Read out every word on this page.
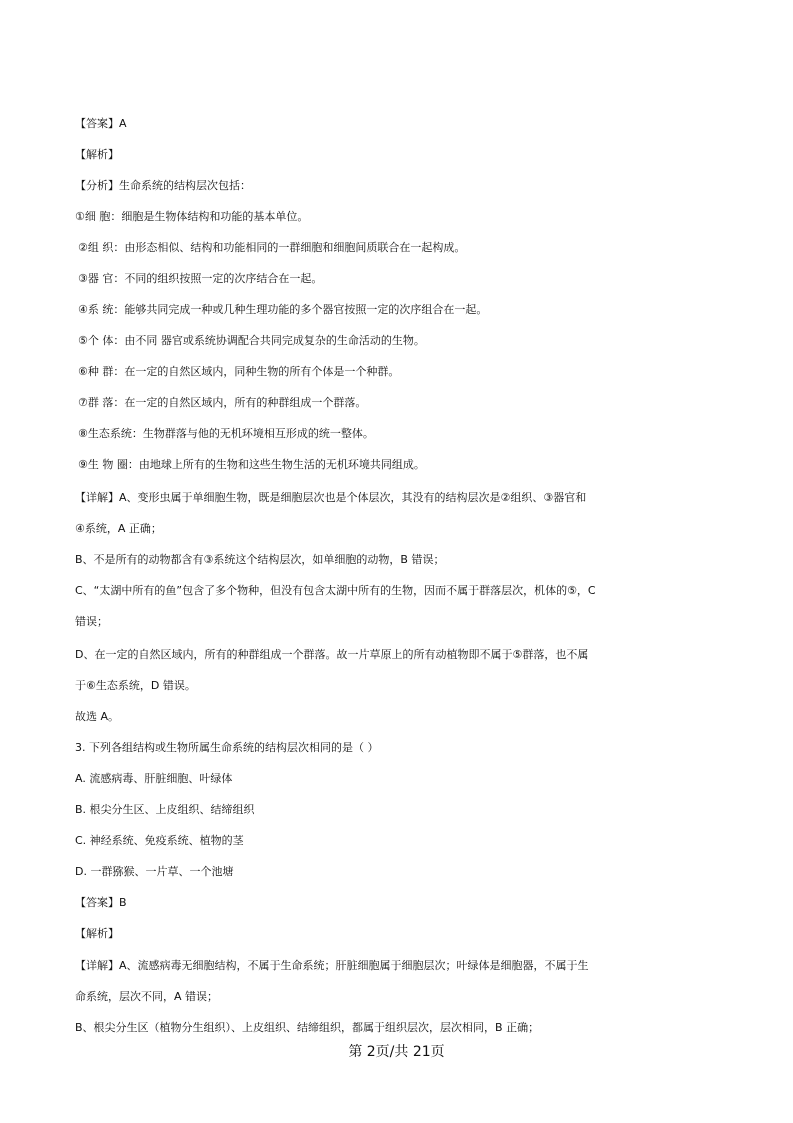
【答案】A
【解析】
【分析】生命系统的结构层次包括：
①细 胞：细胞是生物体结构和功能的基本单位。
②组 织：由形态相似、结构和功能相同的一群细胞和细胞间质联合在一起构成。
③器 官：不同的组织按照一定的次序结合在一起。
④系 统：能够共同完成一种或几种生理功能的多个器官按照一定的次序组合在一起。
⑤个 体：由不同 器官或系统协调配合共同完成复杂的生命活动的生物。
⑥种 群：在一定的自然区域内，同种生物的所有个体是一个种群。
⑦群 落：在一定的自然区域内，所有的种群组成一个群落。
⑧生态系统：生物群落与他的无机环境相互形成的统一整体。
⑨生 物 圈：由地球上所有的生物和这些生物生活的无机环境共同组成。
【详解】A、变形虫属于单细胞生物，既是细胞层次也是个体层次，其没有的结构层次是②组织、③器官和
④系统，A 正确；
B、不是所有的动物都含有③系统这个结构层次，如单细胞的动物，B 错误；
C、“太湖中所有的鱼”包含了多个物种，但没有包含太湖中所有的生物，因而不属于群落层次，机体的⑤，C
错误；
D、在一定的自然区域内，所有的种群组成一个群落。故一片草原上的所有动植物即不属于⑤群落，也不属
于⑥生态系统，D 错误。
故选 A。
3. 下列各组结构或生物所属生命系统的结构层次相同的是（ ）
A. 流感病毒、肝脏细胞、叶绿体
B. 根尖分生区、上皮组织、结缔组织
C. 神经系统、免疫系统、植物的茎
D. 一群猕猴、一片草、一个池塘
【答案】B
【解析】
【详解】A、流感病毒无细胞结构，不属于生命系统；肝脏细胞属于细胞层次；叶绿体是细胞器，不属于生
命系统，层次不同，A 错误；
B、根尖分生区（植物分生组织）、上皮组织、结缔组织，都属于组织层次，层次相同，B 正确；
第 2页/共 21页
